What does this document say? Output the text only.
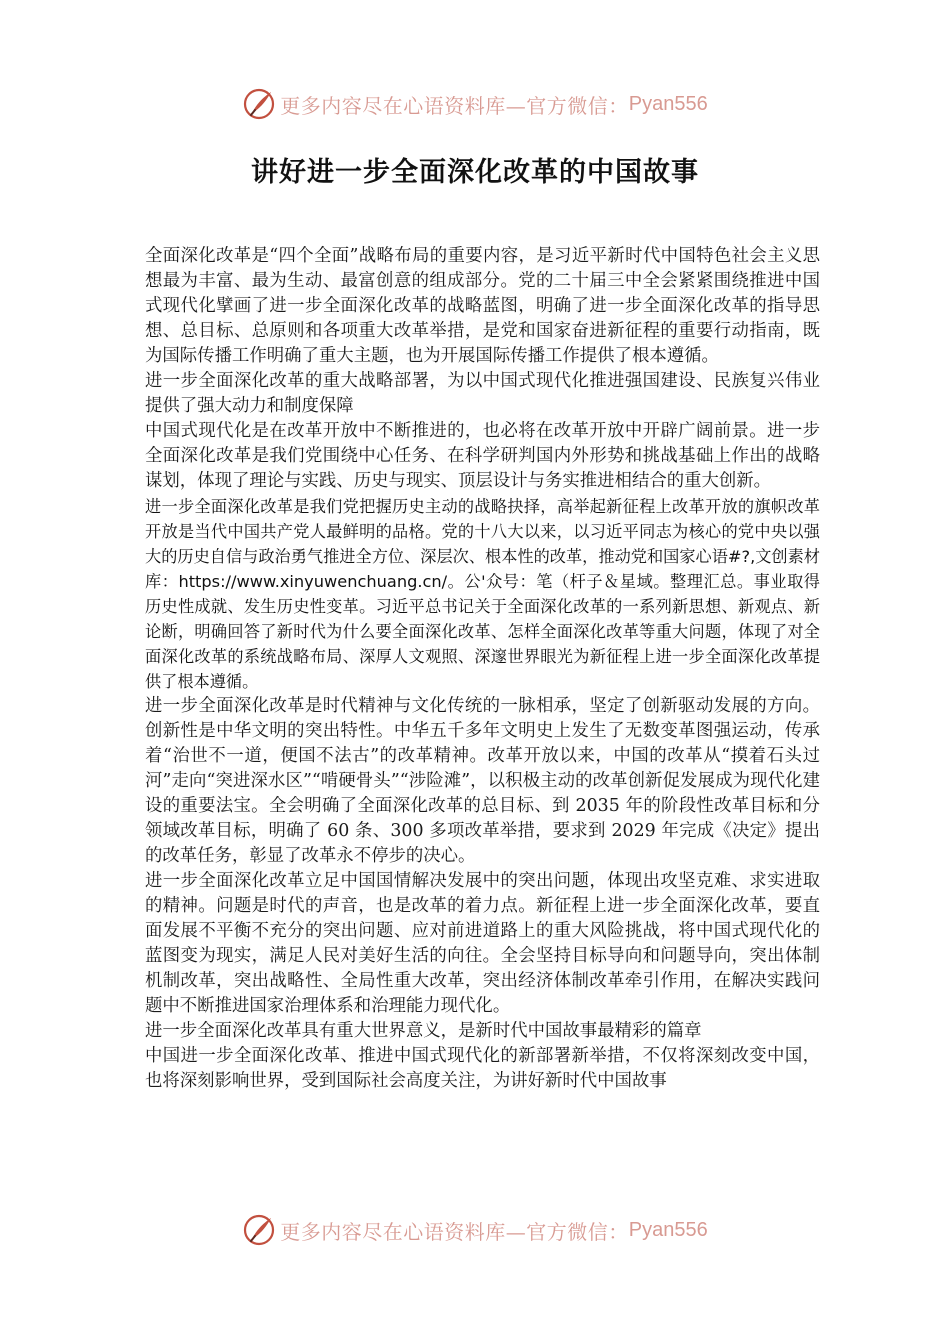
更多内容尽在心语资料库—官方微信： Pyan556
讲好进一步全面深化改革的中国故事

全面深化改革是“四个全面”战略布局的重要内容，是习近平新时代中国特色社会主义思想最为丰富、最为生动、最富创意的组成部分。党的二十届三中全会紧紧围绕推进中国式现代化擘画了进一步全面深化改革的战略蓝图，明确了进一步全面深化改革的指导思想、总目标、总原则和各项重大改革举措，是党和国家奋进新征程的重要行动指南，既为国际传播工作明确了重大主题，也为开展国际传播工作提供了根本遵循。

进一步全面深化改革的重大战略部署，为以中国式现代化推进强国建设、民族复兴伟业提供了强大动力和制度保障

中国式现代化是在改革开放中不断推进的，也必将在改革开放中开辟广阔前景。进一步全面深化改革是我们党围绕中心任务、在科学研判国内外形势和挑战基础上作出的战略谋划，体现了理论与实践、历史与现实、顶层设计与务实推进相结合的重大创新。

进一步全面深化改革是我们党把握历史主动的战略抉择，高举起新征程上改革开放的旗帜改革开放是当代中国共产党人最鲜明的品格。党的十八大以来，以习近平同志为核心的党中央以强大的历史自信与政治勇气推进全方位、深层次、根本性的改革，推动党和国家心语#?,文创素材库：https://www.xinyuwenchuang.cn/。公'众号：笔（杆子＆星域。整理汇总。事业取得历史性成就、发生历史性变革。习近平总书记关于全面深化改革的一系列新思想、新观点、新论断，明确回答了新时代为什么要全面深化改革、怎样全面深化改革等重大问题，体现了对全面深化改革的系统战略布局、深厚人文观照、深邃世界眼光为新征程上进一步全面深化改革提供了根本遵循。

进一步全面深化改革是时代精神与文化传统的一脉相承，坚定了创新驱动发展的方向。创新性是中华文明的突出特性。中华五千多年文明史上发生了无数变革图强运动，传承着“治世不一道，便国不法古”的改革精神。改革开放以来，中国的改革从“摸着石头过河”走向“突进深水区”“啃硬骨头”“涉险滩”，以积极主动的改革创新促发展成为现代化建设的重要法宝。全会明确了全面深化改革的总目标、到 2035 年的阶段性改革目标和分领域改革目标，明确了 60 条、300 多项改革举措，要求到 2029 年完成《决定》提出的改革任务，彰显了改革永不停步的决心。

进一步全面深化改革立足中国国情解决发展中的突出问题，体现出攻坚克难、求实进取的精神。问题是时代的声音，也是改革的着力点。新征程上进一步全面深化改革，要直面发展不平衡不充分的突出问题、应对前进道路上的重大风险挑战，将中国式现代化的蓝图变为现实，满足人民对美好生活的向往。全会坚持目标导向和问题导向，突出体制机制改革，突出战略性、全局性重大改革，突出经济体制改革牵引作用，在解决实践问题中不断推进国家治理体系和治理能力现代化。

进一步全面深化改革具有重大世界意义，是新时代中国故事最精彩的篇章

中国进一步全面深化改革、推进中国式现代化的新部署新举措，不仅将深刻改变中国，也将深刻影响世界，受到国际社会高度关注，为讲好新时代中国故事

更多内容尽在心语资料库—官方微信： Pyan556
